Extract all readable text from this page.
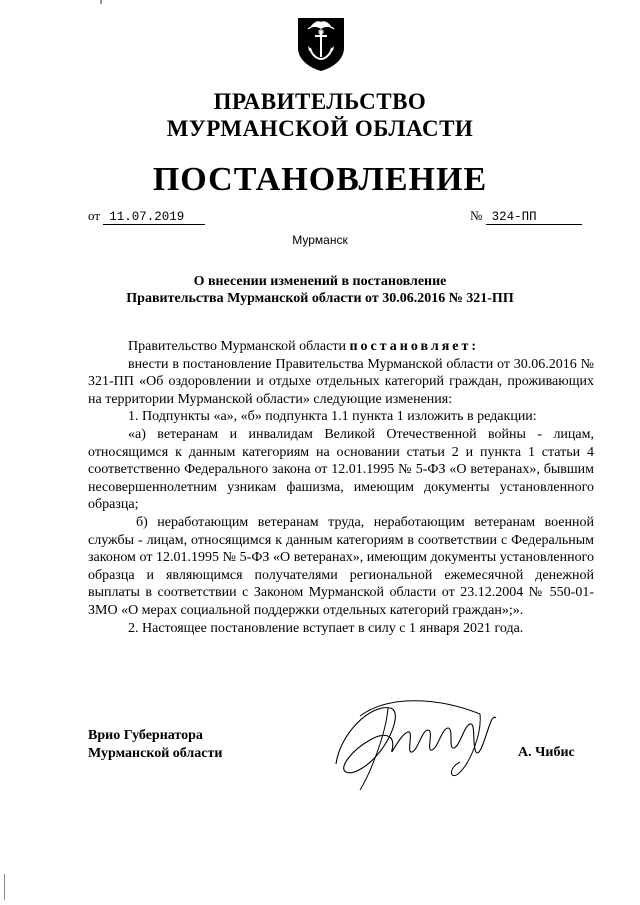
ПРАВИТЕЛЬСТВО
МУРМАНСКОЙ ОБЛАСТИ
ПОСТАНОВЛЕНИЕ
от 11.07.2019	№ 324-ПП
Мурманск
О внесении изменений в постановление
Правительства Мурманской области от 30.06.2016 № 321-ПП

Правительство Мурманской области постановляет:

внести в постановление Правительства Мурманской области от 30.06.2016 № 321-ПП «Об оздоровлении и отдыхе отдельных категорий граждан, проживающих на территории Мурманской области» следующие изменения:

1. Подпункты «а», «б» подпункта 1.1 пункта 1 изложить в редакции:

«а) ветеранам и инвалидам Великой Отечественной войны - лицам, относящимся к данным категориям на основании статьи 2 и пункта 1 статьи 4 соответственно Федерального закона от 12.01.1995 № 5-ФЗ «О ветеранах», бывшим несовершеннолетним узникам фашизма, имеющим документы установленного образца;

б) неработающим ветеранам труда, неработающим ветеранам военной службы - лицам, относящимся к данным категориям в соответствии с Федеральным законом от 12.01.1995 № 5-ФЗ «О ветеранах», имеющим документы установленного образца и являющимся получателями региональной ежемесячной денежной выплаты в соответствии с Законом Мурманской области от 23.12.2004 № 550-01-ЗМО «О мерах социальной поддержки отдельных категорий граждан»;».

2. Настоящее постановление вступает в силу с 1 января 2021 года.

Врио Губернатора
Мурманской области	А. Чибис
